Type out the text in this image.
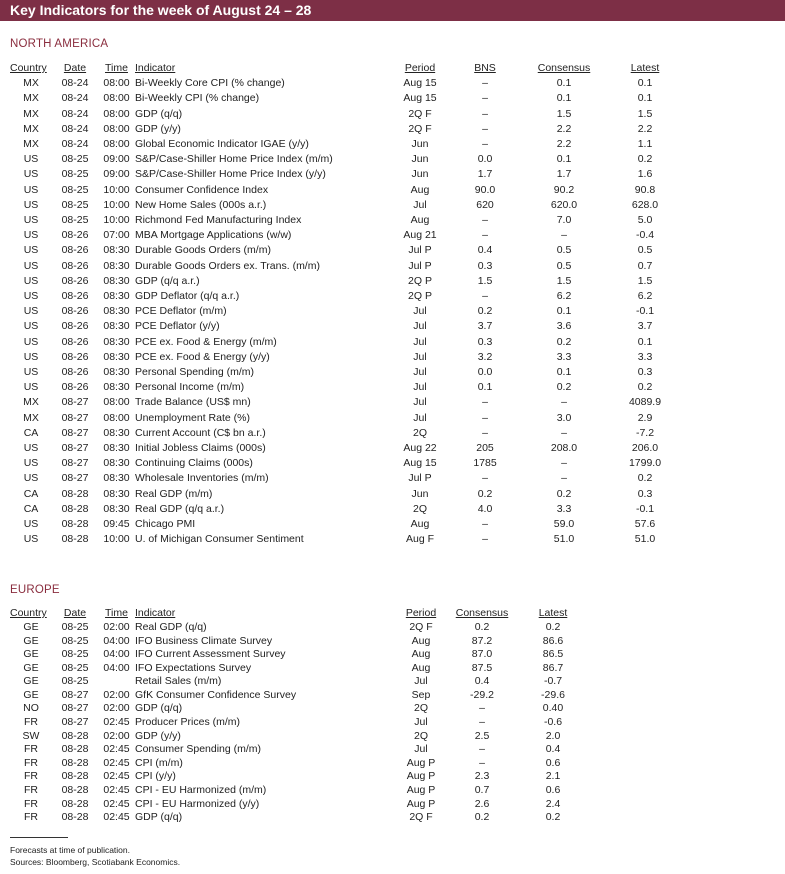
Key Indicators for the week of August 24 – 28
NORTH AMERICA
	Country	Date	Time	Indicator	Period	BNS	Consensus	Latest
	MX	08-24	08:00	Bi-Weekly Core CPI (% change)	Aug 15	–	0.1	0.1
	MX	08-24	08:00	Bi-Weekly CPI (% change)	Aug 15	–	0.1	0.1
	MX	08-24	08:00	GDP (q/q)	2Q F	–	1.5	1.5
	MX	08-24	08:00	GDP (y/y)	2Q F	–	2.2	2.2
	MX	08-24	08:00	Global Economic Indicator IGAE (y/y)	Jun	–	2.2	1.1
	US	08-25	09:00	S&P/Case-Shiller Home Price Index (m/m)	Jun	0.0	0.1	0.2
	US	08-25	09:00	S&P/Case-Shiller Home Price Index (y/y)	Jun	1.7	1.7	1.6
	US	08-25	10:00	Consumer Confidence Index	Aug	90.0	90.2	90.8
	US	08-25	10:00	New Home Sales (000s a.r.)	Jul	620	620.0	628.0
	US	08-25	10:00	Richmond Fed Manufacturing Index	Aug	–	7.0	5.0
	US	08-26	07:00	MBA Mortgage Applications (w/w)	Aug 21	–	–	-0.4
	US	08-26	08:30	Durable Goods Orders (m/m)	Jul P	0.4	0.5	0.5
	US	08-26	08:30	Durable Goods Orders ex. Trans. (m/m)	Jul P	0.3	0.5	0.7
	US	08-26	08:30	GDP (q/q a.r.)	2Q P	1.5	1.5	1.5
	US	08-26	08:30	GDP Deflator (q/q a.r.)	2Q P	–	6.2	6.2
	US	08-26	08:30	PCE Deflator (m/m)	Jul	0.2	0.1	-0.1
	US	08-26	08:30	PCE Deflator (y/y)	Jul	3.7	3.6	3.7
	US	08-26	08:30	PCE ex. Food & Energy (m/m)	Jul	0.3	0.2	0.1
	US	08-26	08:30	PCE ex. Food & Energy (y/y)	Jul	3.2	3.3	3.3
	US	08-26	08:30	Personal Spending (m/m)	Jul	0.0	0.1	0.3
	US	08-26	08:30	Personal Income (m/m)	Jul	0.1	0.2	0.2
	MX	08-27	08:00	Trade Balance (US$ mn)	Jul	–	–	4089.9
	MX	08-27	08:00	Unemployment Rate (%)	Jul	–	3.0	2.9
	CA	08-27	08:30	Current Account (C$ bn a.r.)	2Q	–	–	-7.2
	US	08-27	08:30	Initial Jobless Claims (000s)	Aug 22	205	208.0	206.0
	US	08-27	08:30	Continuing Claims (000s)	Aug 15	1785	–	1799.0
	US	08-27	08:30	Wholesale Inventories (m/m)	Jul P	–	–	0.2
	CA	08-28	08:30	Real GDP (m/m)	Jun	0.2	0.2	0.3
	CA	08-28	08:30	Real GDP (q/q a.r.)	2Q	4.0	3.3	-0.1
	US	08-28	09:45	Chicago PMI	Aug	–	59.0	57.6
	US	08-28	10:00	U. of Michigan Consumer Sentiment	Aug F	–	51.0	51.0
EUROPE
	Country	Date	Time	Indicator	Period	Consensus	Latest
	GE	08-25	02:00	Real GDP (q/q)	2Q F	0.2	0.2
	GE	08-25	04:00	IFO Business Climate Survey	Aug	87.2	86.6
	GE	08-25	04:00	IFO Current Assessment Survey	Aug	87.0	86.5
	GE	08-25	04:00	IFO Expectations Survey	Aug	87.5	86.7
	GE	08-25		Retail Sales (m/m)	Jul	0.4	-0.7
	GE	08-27	02:00	GfK Consumer Confidence Survey	Sep	-29.2	-29.6
	NO	08-27	02:00	GDP (q/q)	2Q	–	0.40
	FR	08-27	02:45	Producer Prices (m/m)	Jul	–	-0.6
	SW	08-28	02:00	GDP (y/y)	2Q	2.5	2.0
	FR	08-28	02:45	Consumer Spending (m/m)	Jul	–	0.4
	FR	08-28	02:45	CPI (m/m)	Aug P	–	0.6
	FR	08-28	02:45	CPI (y/y)	Aug P	2.3	2.1
	FR	08-28	02:45	CPI - EU Harmonized (m/m)	Aug P	0.7	0.6
	FR	08-28	02:45	CPI - EU Harmonized (y/y)	Aug P	2.6	2.4
	FR	08-28	02:45	GDP (q/q)	2Q F	0.2	0.2
Forecasts at time of publication.
Sources: Bloomberg, Scotiabank Economics.
